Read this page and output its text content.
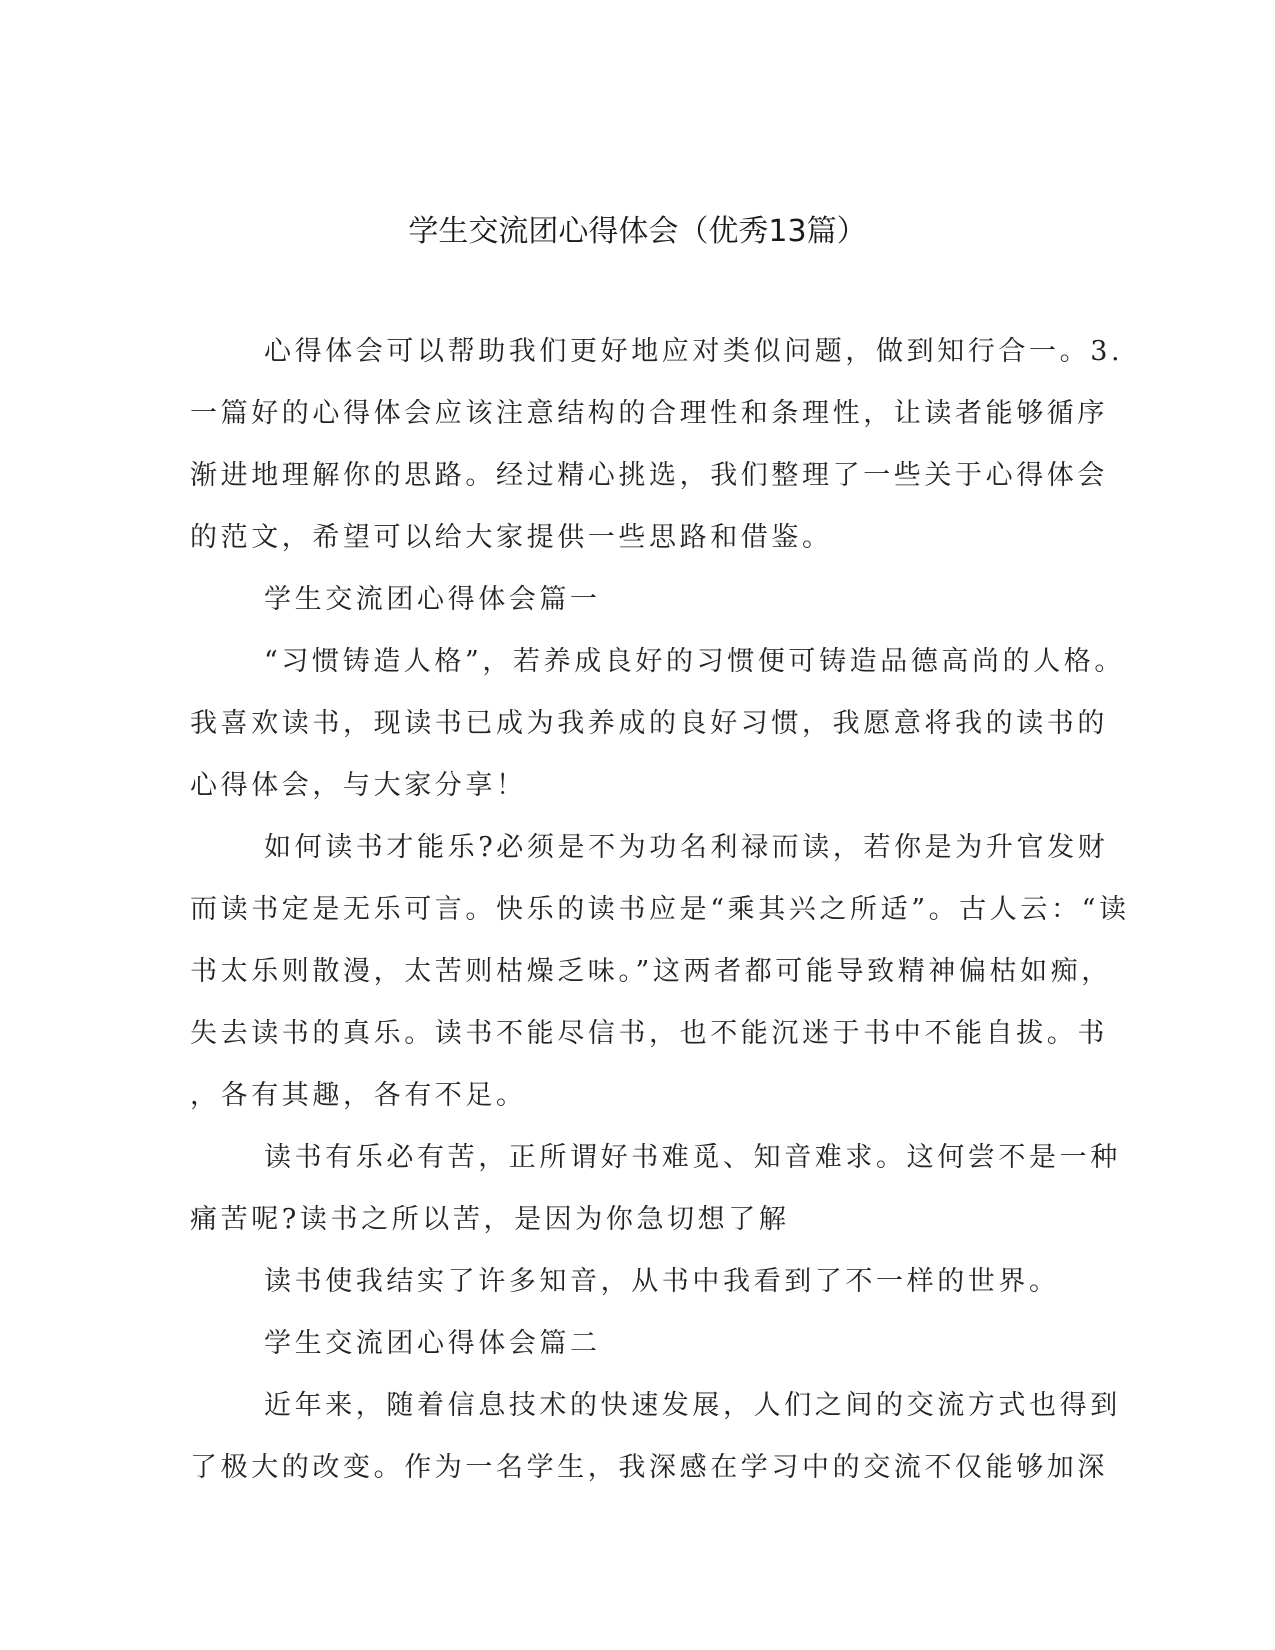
学生交流团心得体会（优秀13篇）
心得体会可以帮助我们更好地应对类似问题，做到知行合一。3.
一篇好的心得体会应该注意结构的合理性和条理性，让读者能够循序
渐进地理解你的思路。经过精心挑选，我们整理了一些关于心得体会
的范文，希望可以给大家提供一些思路和借鉴。
学生交流团心得体会篇一
“习惯铸造人格”，若养成良好的习惯便可铸造品德高尚的人格。
我喜欢读书，现读书已成为我养成的良好习惯，我愿意将我的读书的
心得体会，与大家分享！
如何读书才能乐?必须是不为功名利禄而读，若你是为升官发财
而读书定是无乐可言。快乐的读书应是“乘其兴之所适”。古人云：“读
书太乐则散漫，太苦则枯燥乏味。”这两者都可能导致精神偏枯如痴，
失去读书的真乐。读书不能尽信书，也不能沉迷于书中不能自拔。书
，各有其趣，各有不足。
读书有乐必有苦，正所谓好书难觅、知音难求。这何尝不是一种
痛苦呢?读书之所以苦，是因为你急切想了解
读书使我结实了许多知音，从书中我看到了不一样的世界。
学生交流团心得体会篇二
近年来，随着信息技术的快速发展，人们之间的交流方式也得到
了极大的改变。作为一名学生，我深感在学习中的交流不仅能够加深
